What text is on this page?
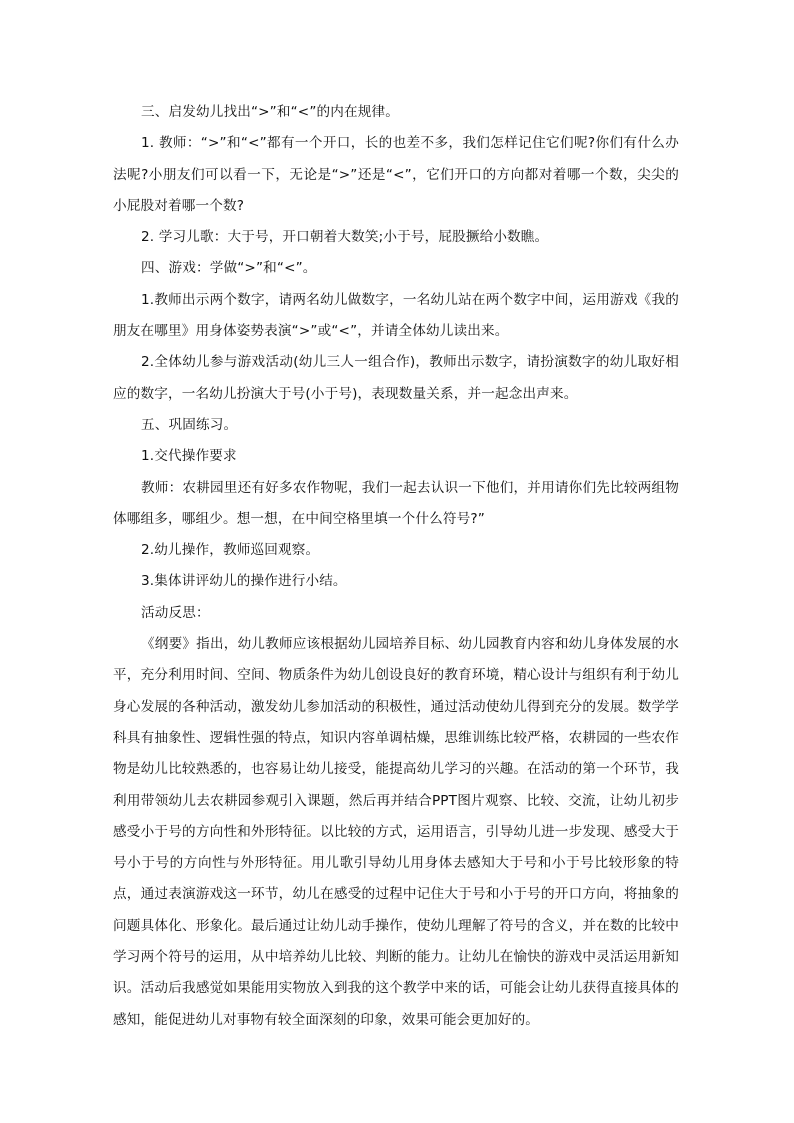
三、启发幼儿找出“>”和“<”的内在规律。

1. 教师：“>”和“<”都有一个开口，长的也差不多，我们怎样记住它们呢?你们有什么办法呢?小朋友们可以看一下，无论是“>”还是“<”，它们开口的方向都对着哪一个数，尖尖的小屁股对着哪一个数?

2. 学习儿歌：大于号，开口朝着大数笑;小于号，屁股撅给小数瞧。

四、游戏：学做“>”和“<”。

1.教师出示两个数字，请两名幼儿做数字，一名幼儿站在两个数字中间，运用游戏《我的朋友在哪里》用身体姿势表演“>”或“<”，并请全体幼儿读出来。

2.全体幼儿参与游戏活动(幼儿三人一组合作)，教师出示数字，请扮演数字的幼儿取好相应的数字，一名幼儿扮演大于号(小于号)，表现数量关系，并一起念出声来。

五、巩固练习。

1.交代操作要求

教师：农耕园里还有好多农作物呢，我们一起去认识一下他们，并用请你们先比较两组物体哪组多，哪组少。想一想，在中间空格里填一个什么符号?”

2.幼儿操作，教师巡回观察。

3.集体讲评幼儿的操作进行小结。

活动反思：

《纲要》指出，幼儿教师应该根据幼儿园培养目标、幼儿园教育内容和幼儿身体发展的水平，充分利用时间、空间、物质条件为幼儿创设良好的教育环境，精心设计与组织有利于幼儿身心发展的各种活动，激发幼儿参加活动的积极性，通过活动使幼儿得到充分的发展。数学学科具有抽象性、逻辑性强的特点，知识内容单调枯燥，思维训练比较严格，农耕园的一些农作物是幼儿比较熟悉的，也容易让幼儿接受，能提高幼儿学习的兴趣。在活动的第一个环节，我利用带领幼儿去农耕园参观引入课题，然后再并结合PPT图片观察、比较、交流，让幼儿初步感受小于号的方向性和外形特征。以比较的方式，运用语言，引导幼儿进一步发现、感受大于号小于号的方向性与外形特征。用儿歌引导幼儿用身体去感知大于号和小于号比较形象的特点，通过表演游戏这一环节，幼儿在感受的过程中记住大于号和小于号的开口方向，将抽象的问题具体化、形象化。最后通过让幼儿动手操作，使幼儿理解了符号的含义，并在数的比较中学习两个符号的运用，从中培养幼儿比较、判断的能力。让幼儿在愉快的游戏中灵活运用新知识。活动后我感觉如果能用实物放入到我的这个教学中来的话，可能会让幼儿获得直接具体的感知，能促进幼儿对事物有较全面深刻的印象，效果可能会更加好的。
